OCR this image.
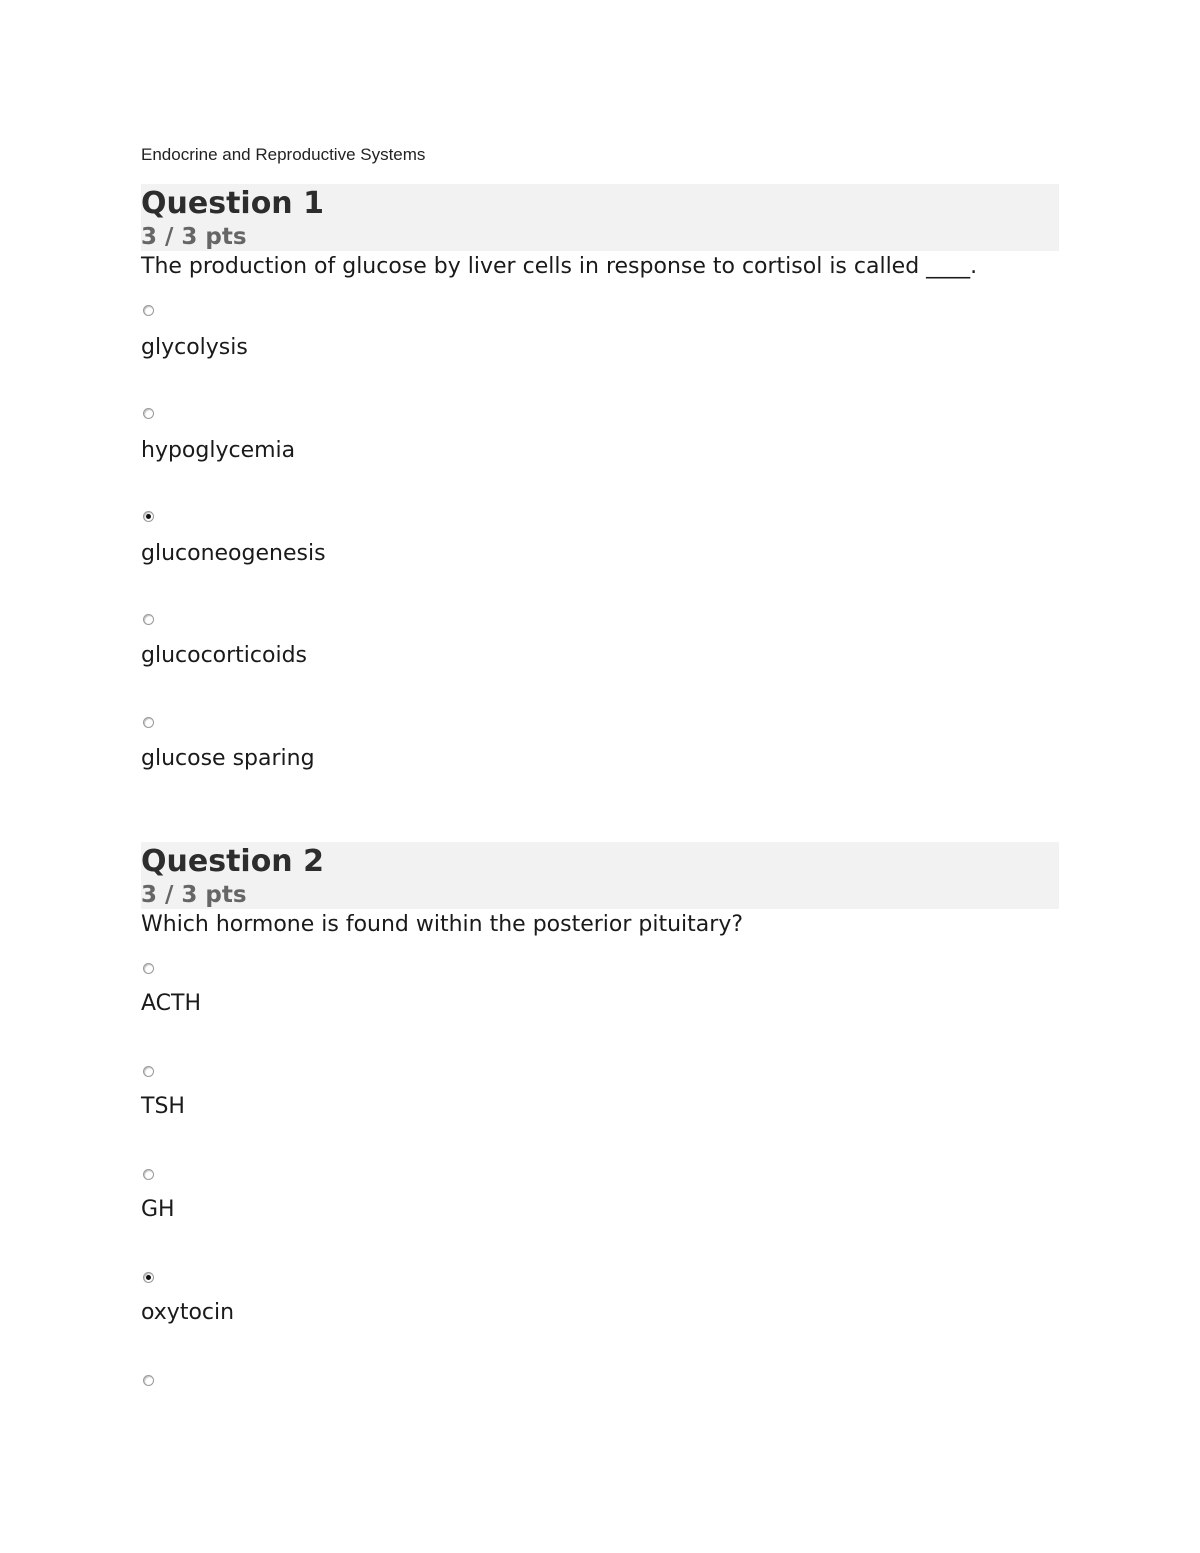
Endocrine and Reproductive Systems
Question 1
3 / 3 pts
The production of glucose by liver cells in response to cortisol is called ____.
glycolysis
hypoglycemia
gluconeogenesis
glucocorticoids
glucose sparing
Question 2
3 / 3 pts
Which hormone is found within the posterior pituitary?
ACTH
TSH
GH
oxytocin
